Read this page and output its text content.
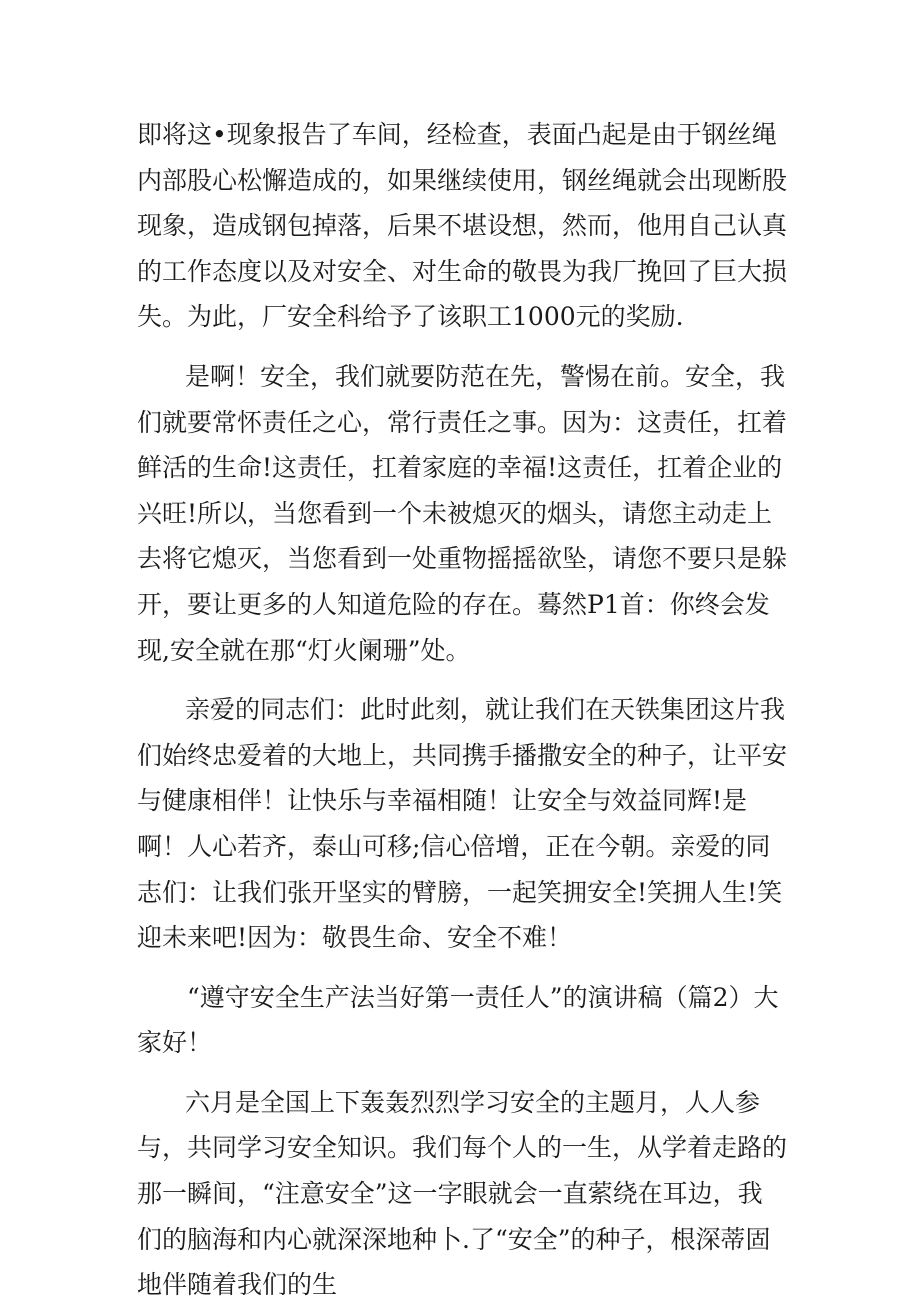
即将这•现象报告了车间，经检查，表面凸起是由于钢丝绳内部股心松懈造成的，如果继续使用，钢丝绳就会出现断股现象，造成钢包掉落，后果不堪设想，然而，他用自己认真的工作态度以及对安全、对生命的敬畏为我厂挽回了巨大损失。为此，厂安全科给予了该职工1000元的奖励.

是啊！安全，我们就要防范在先，警惕在前。安全，我们就要常怀责任之心，常行责任之事。因为：这责任，扛着鲜活的生命!这责任，扛着家庭的幸福!这责任，扛着企业的兴旺!所以，当您看到一个未被熄灭的烟头，请您主动走上去将它熄灭，当您看到一处重物摇摇欲坠，请您不要只是躲开，要让更多的人知道危险的存在。蓦然P1首：你终会发现,安全就在那“灯火阑珊”处。

亲爱的同志们：此时此刻，就让我们在天铁集团这片我们始终忠爱着的大地上，共同携手播撒安全的种子，让平安与健康相伴！让快乐与幸福相随！让安全与效益同辉!是啊！人心若齐，泰山可移;信心倍增，正在今朝。亲爱的同志们：让我们张开坚实的臂膀，一起笑拥安全!笑拥人生!笑迎未来吧!因为：敬畏生命、安全不难！

“遵守安全生产法当好第一责任人”的演讲稿（篇2）大家好！

六月是全国上下轰轰烈烈学习安全的主题月，人人参与，共同学习安全知识。我们每个人的一生，从学着走路的那一瞬间，“注意安全”这一字眼就会一直萦绕在耳边，我们的脑海和内心就深深地种卜.了“安全”的种子，根深蒂固地伴随着我们的生
